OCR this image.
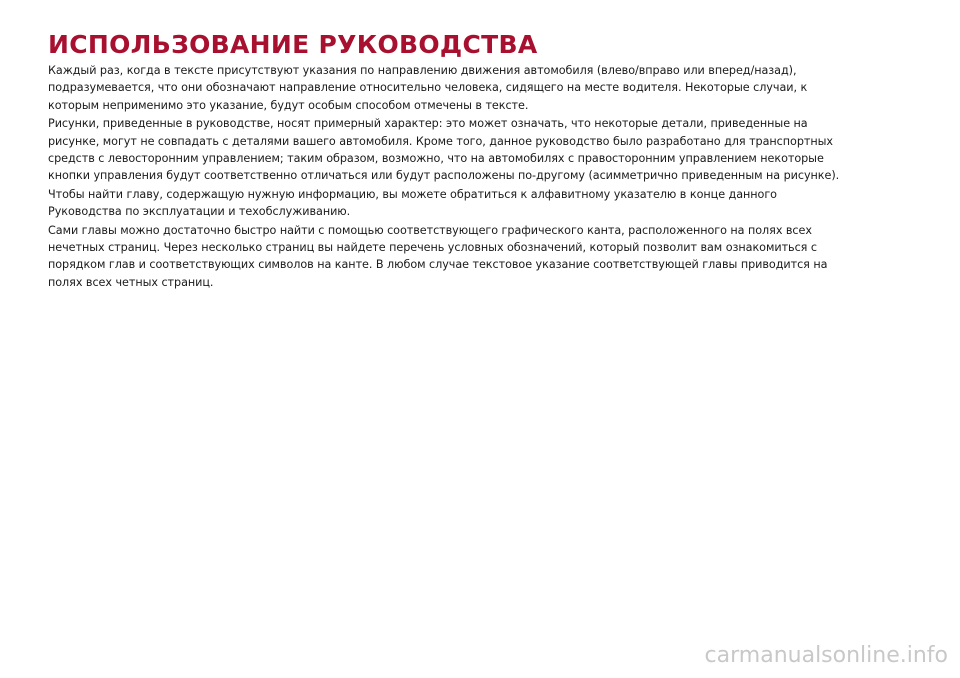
ИСПОЛЬЗОВАНИЕ РУКОВОДСТВА

Каждый раз, когда в тексте присутствуют указания по направлению движения автомобиля (влево/вправо или вперед/назад), подразумевается, что они обозначают направление относительно человека, сидящего на месте водителя. Некоторые случаи, к которым неприменимо это указание, будут особым способом отмечены в тексте.

Рисунки, приведенные в руководстве, носят примерный характер: это может означать, что некоторые детали, приведенные на рисунке, могут не совпадать с деталями вашего автомобиля. Кроме того, данное руководство было разработано для транспортных средств с левосторонним управлением; таким образом, возможно, что на автомобилях с правосторонним управлением некоторые кнопки управления будут соответственно отличаться или будут расположены по-другому (асимметрично приведенным на рисунке).

Чтобы найти главу, содержащую нужную информацию, вы можете обратиться к алфавитному указателю в конце данного Руководства по эксплуатации и техобслуживанию.

Сами главы можно достаточно быстро найти с помощью соответствующего графического канта, расположенного на полях всех нечетных страниц. Через несколько страниц вы найдете перечень условных обозначений, который позволит вам ознакомиться с порядком глав и соответствующих символов на канте. В любом случае текстовое указание соответствующей главы приводится на полях всех четных страниц.

carmanualsonline.info
